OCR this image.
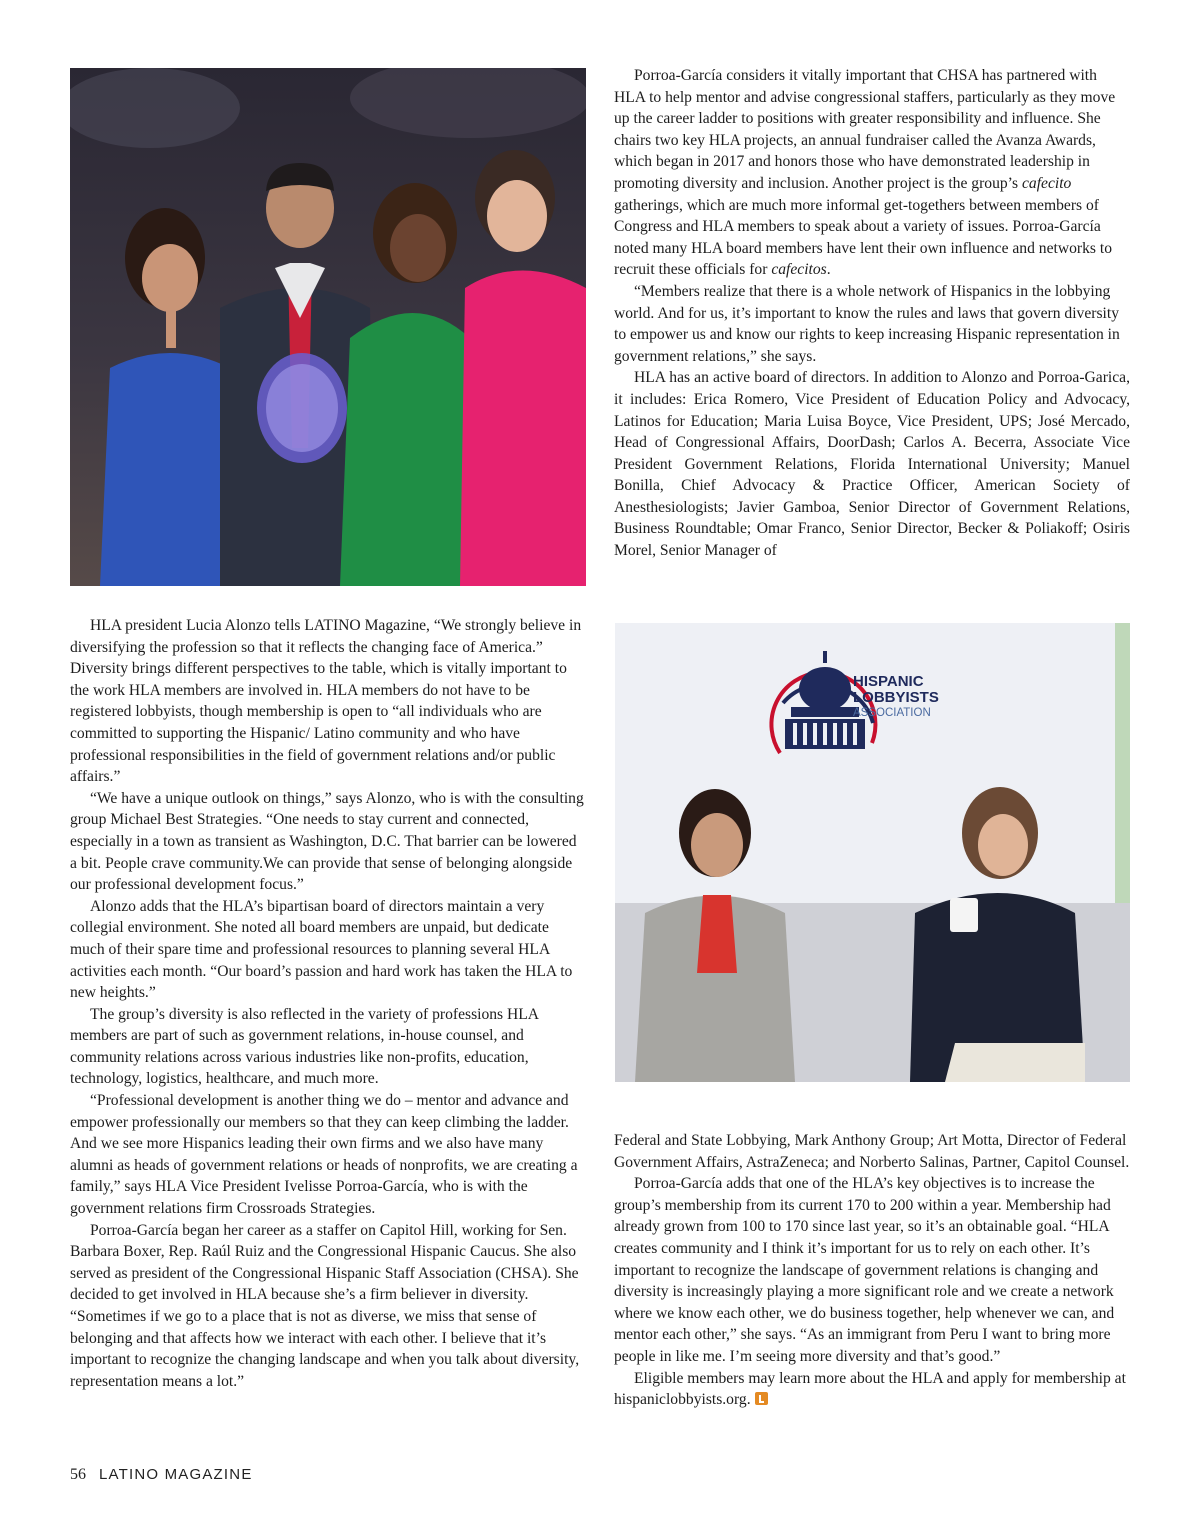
Porroa-García considers it vitally important that CHSA has partnered with HLA to help mentor and advise congressional staffers, particularly as they move up the career ladder to positions with greater responsibility and influence. She chairs two key HLA projects, an annual fundraiser called the Avanza Awards, which began in 2017 and honors those who have demonstrated leadership in promoting diversity and inclusion. Another project is the group’s cafecito gatherings, which are much more informal get-togethers between members of Congress and HLA members to speak about a variety of issues. Porroa-García noted many HLA board members have lent their own influence and networks to recruit these officials for cafecitos.

“Members realize that there is a whole network of Hispanics in the lobbying world. And for us, it’s important to know the rules and laws that govern diversity to empower us and know our rights to keep increasing Hispanic representation in government relations,” she says.

HLA has an active board of directors. In addition to Alonzo and Porroa-Garica, it includes: Erica Romero, Vice President of Education Policy and Advocacy, Latinos for Education; Maria Luisa Boyce, Vice President, UPS; José Mercado, Head of Congressional Affairs, DoorDash; Carlos A. Becerra, Associate Vice President Government Relations, Florida International University; Manuel Bonilla, Chief Advocacy & Practice Officer, American Society of Anesthesiologists; Javier Gamboa, Senior Director of Government Relations, Business Roundtable; Omar Franco, Senior Director, Becker & Poliakoff; Osiris Morel, Senior Manager of

HLA president Lucia Alonzo tells LATINO Magazine, “We strongly believe in diversifying the profession so that it reflects the changing face of America.” Diversity brings different perspectives to the table, which is vitally important to the work HLA members are involved in. HLA members do not have to be registered lobbyists, though membership is open to “all individuals who are committed to supporting the Hispanic/ Latino community and who have professional responsibilities in the field of government relations and/or public affairs.”

“We have a unique outlook on things,” says Alonzo, who is with the consulting group Michael Best Strategies. “One needs to stay current and connected, especially in a town as transient as Washington, D.C. That barrier can be lowered a bit. People crave community.We can provide that sense of belonging alongside our professional development focus.”

Alonzo adds that the HLA’s bipartisan board of directors maintain a very collegial environment. She noted all board members are unpaid, but dedicate much of their spare time and professional resources to planning several HLA activities each month. “Our board’s passion and hard work has taken the HLA to new heights.”

The group’s diversity is also reflected in the variety of professions HLA members are part of such as government relations, in-house counsel, and community relations across various industries like non-profits, education, technology, logistics, healthcare, and much more.

“Professional development is another thing we do – mentor and advance and empower professionally our members so that they can keep climbing the ladder. And we see more Hispanics leading their own firms and we also have many alumni as heads of government relations or heads of nonprofits, we are creating a family,” says HLA Vice President Ivelisse Porroa-García, who is with the government relations firm Crossroads Strategies.

Porroa-García began her career as a staffer on Capitol Hill, working for Sen. Barbara Boxer, Rep. Raúl Ruiz and the Congressional Hispanic Caucus. She also served as president of the Congressional Hispanic Staff Association (CHSA). She decided to get involved in HLA because she’s a firm believer in diversity. “Sometimes if we go to a place that is not as diverse, we miss that sense of belonging and that affects how we interact with each other. I believe that it’s important to recognize the changing landscape and when you talk about diversity, representation means a lot.”

HISPANIC
LOBBYISTS
ASSOCIATION

Federal and State Lobbying, Mark Anthony Group; Art Motta, Director of Federal Government Affairs, AstraZeneca; and Norberto Salinas, Partner, Capitol Counsel.

Porroa-García adds that one of the HLA’s key objectives is to increase the group’s membership from its current 170 to 200 within a year. Membership had already grown from 100 to 170 since last year, so it’s an obtainable goal. “HLA creates community and I think it’s important for us to rely on each other. It’s important to recognize the landscape of government relations is changing and diversity is increasingly playing a more significant role and we create a network where we know each other, we do business together, help whenever we can, and mentor each other,” she says. “As an immigrant from Peru I want to bring more people in like me. I’m seeing more diversity and that’s good.”

Eligible members may learn more about the HLA and apply for membership at hispaniclobbyists.org.

56 LATINO MAGAZINE
